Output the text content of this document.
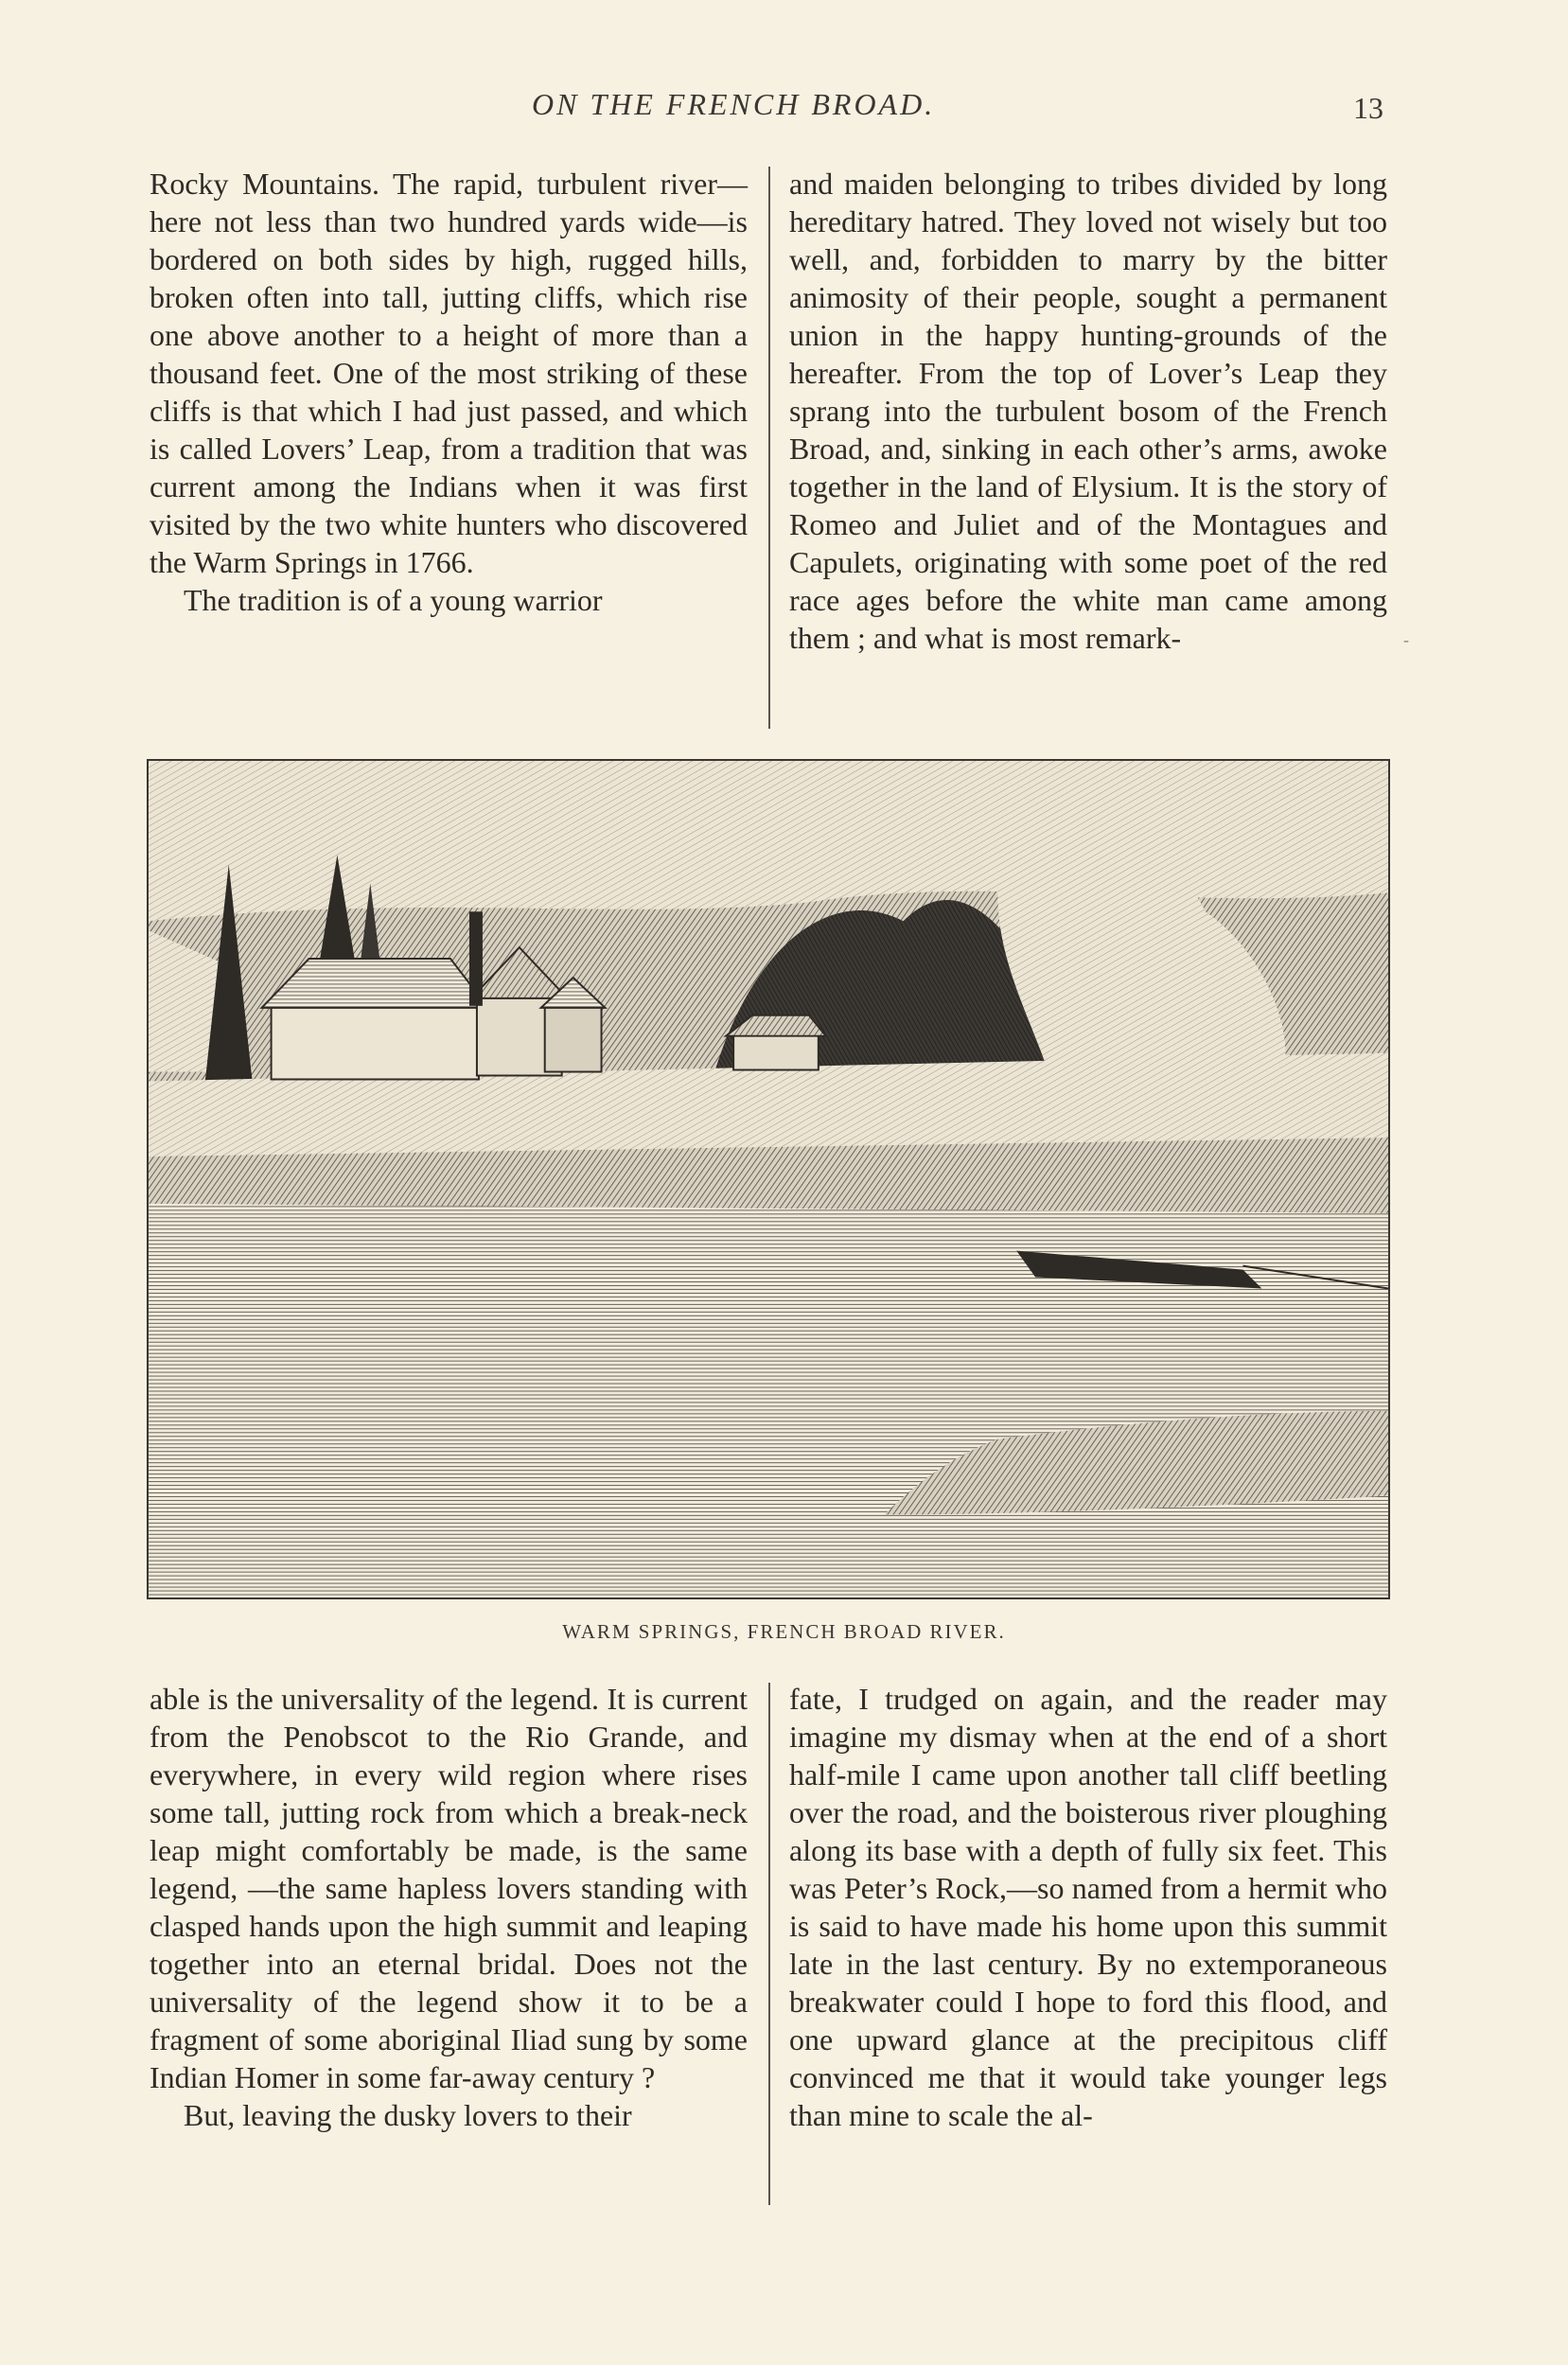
ON THE FRENCH BROAD.	13

Rocky Mountains. The rapid, turbulent river—here not less than two hundred yards wide—is bordered on both sides by high, rugged hills, broken often into tall, jutting cliffs, which rise one above another to a height of more than a thousand feet. One of the most striking of these cliffs is that which I had just passed, and which is called Lovers’ Leap, from a tradition that was current among the Indians when it was first visited by the two white hunters who discovered the Warm Springs in 1766.

The tradition is of a young warrior

and maiden belonging to tribes divided by long hereditary hatred. They loved not wisely but too well, and, forbidden to marry by the bitter animosity of their people, sought a permanent union in the happy hunting-grounds of the hereafter. From the top of Lover’s Leap they sprang into the turbulent bosom of the French Broad, and, sinking in each other’s arms, awoke together in the land of Elysium. It is the story of Romeo and Juliet and of the Montagues and Capulets, originating with some poet of the red race ages before the white man came among them ; and what is most remark-	-
WARM SPRINGS, FRENCH BROAD RIVER.

able is the universality of the legend. It is current from the Penobscot to the Rio Grande, and everywhere, in every wild region where rises some tall, jutting rock from which a break-neck leap might comfortably be made, is the same legend, —the same hapless lovers standing with clasped hands upon the high summit and leaping together into an eternal bridal. Does not the universality of the legend show it to be a fragment of some aboriginal Iliad sung by some Indian Homer in some far-away century ?

But, leaving the dusky lovers to their

fate, I trudged on again, and the reader may imagine my dismay when at the end of a short half-mile I came upon another tall cliff beetling over the road, and the boisterous river ploughing along its base with a depth of fully six feet. This was Peter’s Rock,—so named from a hermit who is said to have made his home upon this summit late in the last century. By no extemporaneous breakwater could I hope to ford this flood, and one upward glance at the precipitous cliff convinced me that it would take younger legs than mine to scale the al-
